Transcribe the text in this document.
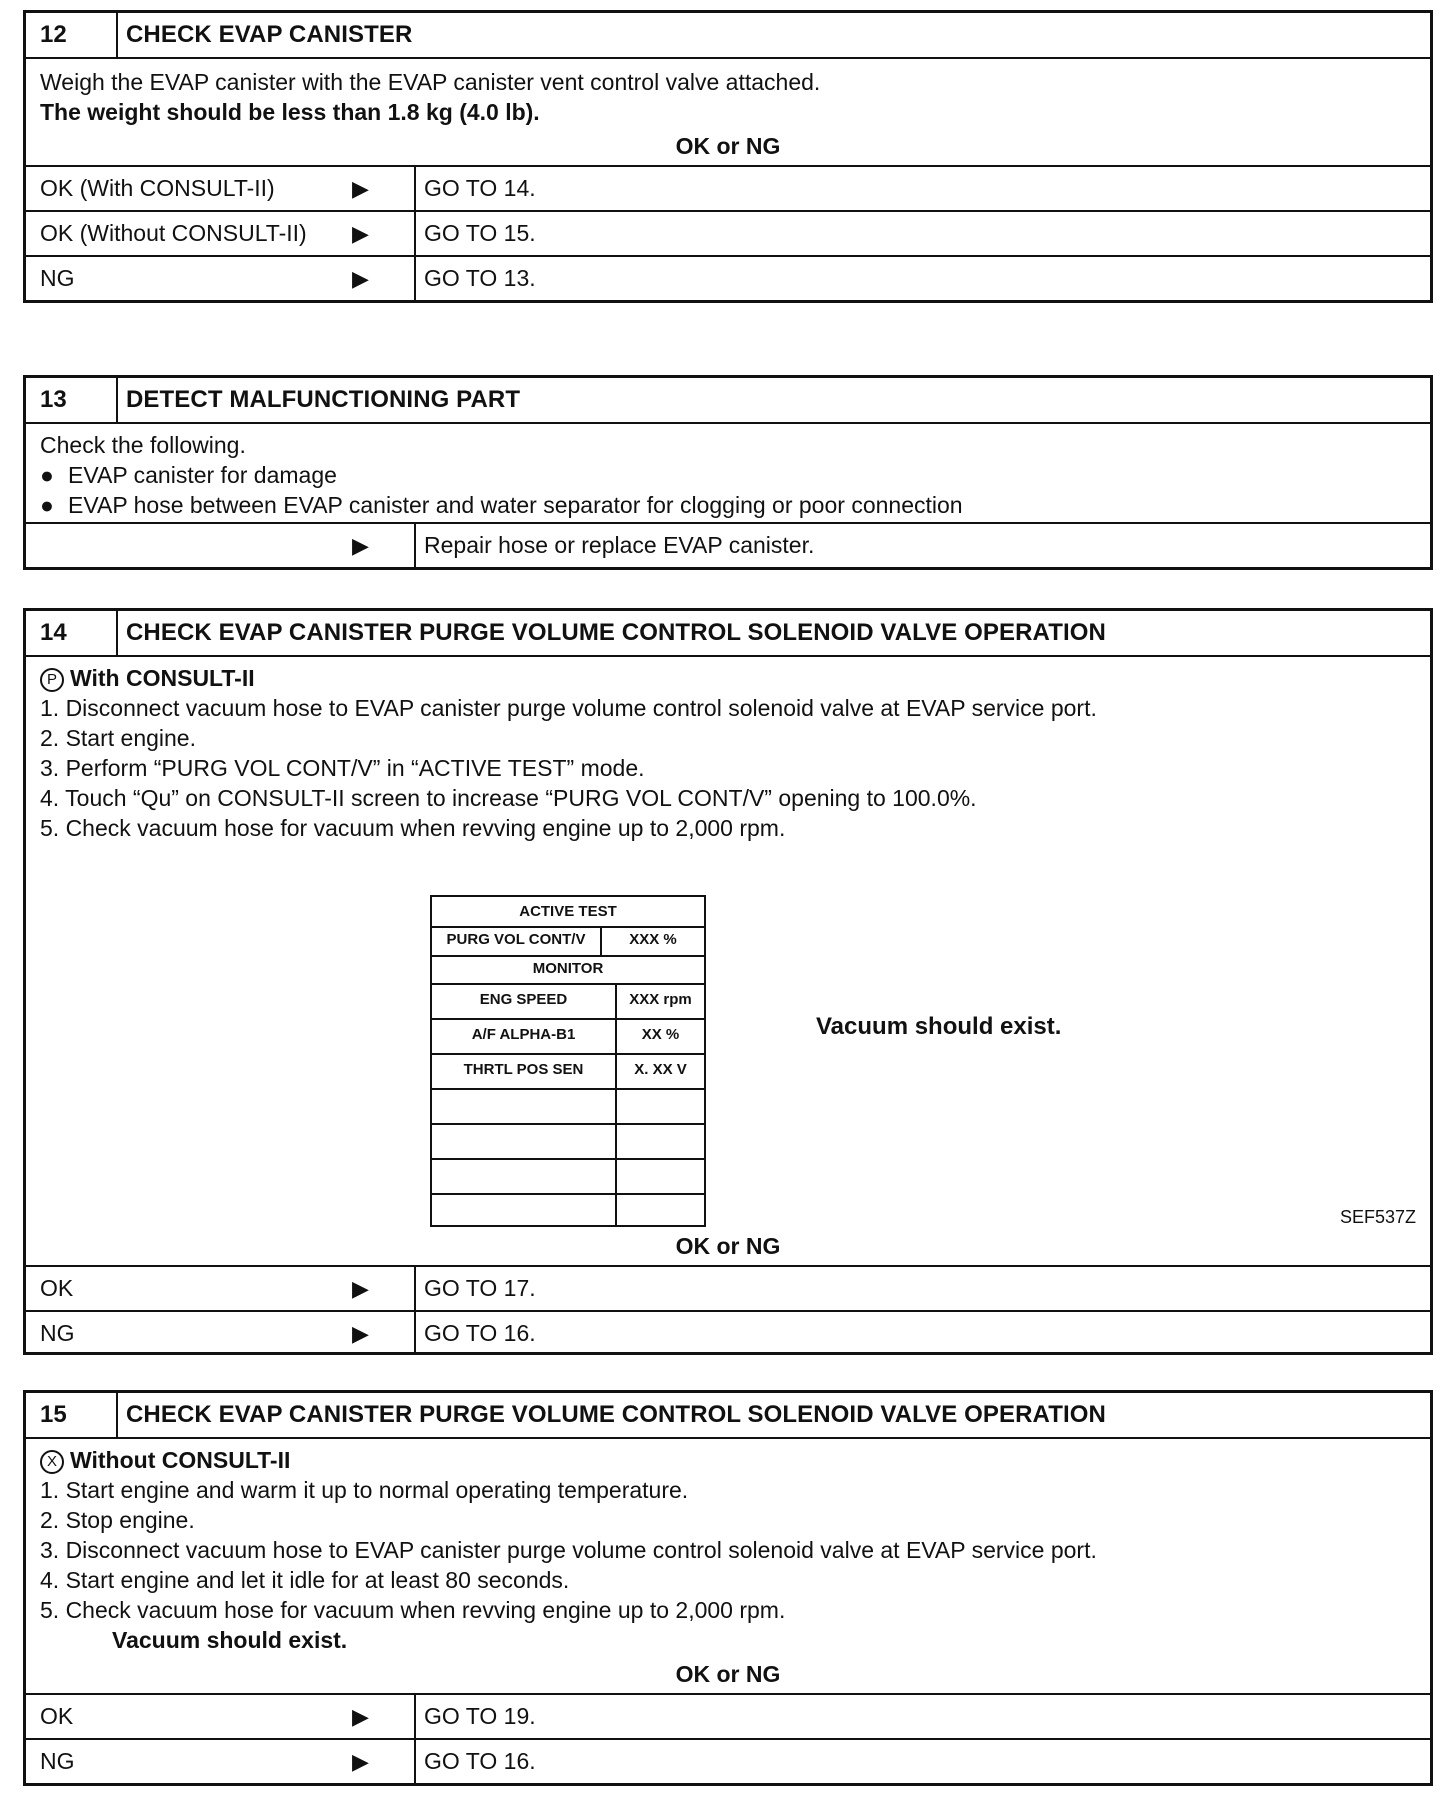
12	CHECK EVAP CANISTER
Weigh the EVAP canister with the EVAP canister vent control valve attached.
The weight should be less than 1.8 kg (4.0 lb).
OK or NG
OK (With CONSULT-II)	▶	GO TO 14.
OK (Without CONSULT-II)	▶	GO TO 15.
NG	▶	GO TO 13.
13	DETECT MALFUNCTIONING PART
Check the following.
● EVAP canister for damage
● EVAP hose between EVAP canister and water separator for clogging or poor connection
▶	Repair hose or replace EVAP canister.
14	CHECK EVAP CANISTER PURGE VOLUME CONTROL SOLENOID VALVE OPERATION
P With CONSULT-II
1. Disconnect vacuum hose to EVAP canister purge volume control solenoid valve at EVAP service port.
2. Start engine.
3. Perform “PURG VOL CONT/V” in “ACTIVE TEST” mode.
4. Touch “Qu” on CONSULT-II screen to increase “PURG VOL CONT/V” opening to 100.0%.
5. Check vacuum hose for vacuum when revving engine up to 2,000 rpm.
ACTIVE TEST
PURG VOL CONT/V	XXX %
MONITOR
ENG SPEED	XXX rpm
A/F ALPHA-B1	XX %
THRTL POS SEN	X. XX V
Vacuum should exist.
SEF537Z
OK or NG
OK	▶	GO TO 17.
NG	▶	GO TO 16.
15	CHECK EVAP CANISTER PURGE VOLUME CONTROL SOLENOID VALVE OPERATION
X Without CONSULT-II
1. Start engine and warm it up to normal operating temperature.
2. Stop engine.
3. Disconnect vacuum hose to EVAP canister purge volume control solenoid valve at EVAP service port.
4. Start engine and let it idle for at least 80 seconds.
5. Check vacuum hose for vacuum when revving engine up to 2,000 rpm.
Vacuum should exist.
OK or NG
OK	▶	GO TO 19.
NG	▶	GO TO 16.
